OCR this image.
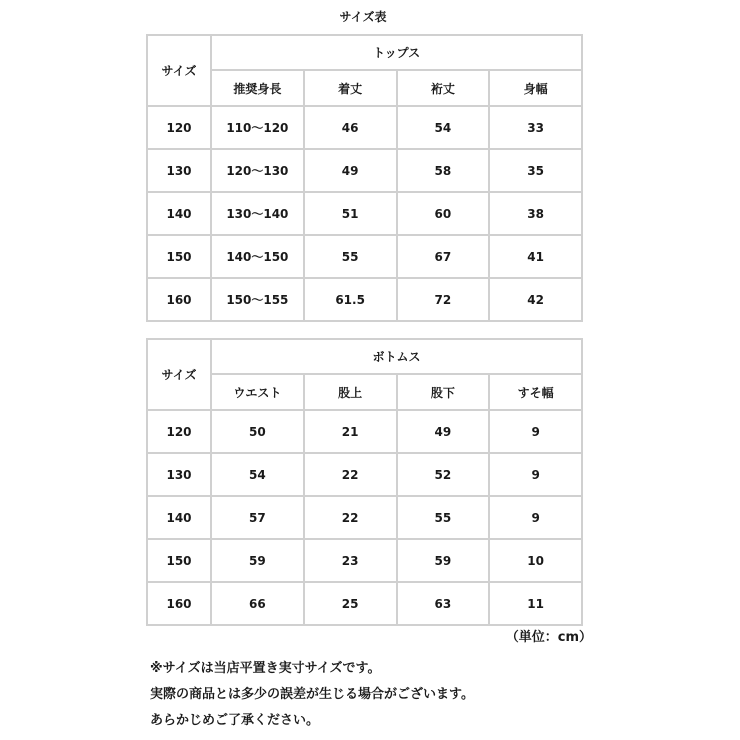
サイズ表
サイズ	トップス			
	推奨身長	着丈	裄丈	身幅
120	110〜120	46	54	33
130	120〜130	49	58	35
140	130〜140	51	60	38
150	140〜150	55	67	41
160	150〜155	61.5	72	42
サイズ	ボトムス			
	ウエスト	股上	股下	すそ幅
120	50	21	49	9
130	54	22	52	9
140	57	22	55	9
150	59	23	59	10
160	66	25	63	11
（単位：cm）
※サイズは当店平置き実寸サイズです。
実際の商品とは多少の誤差が生じる場合がございます。
あらかじめご了承ください。
